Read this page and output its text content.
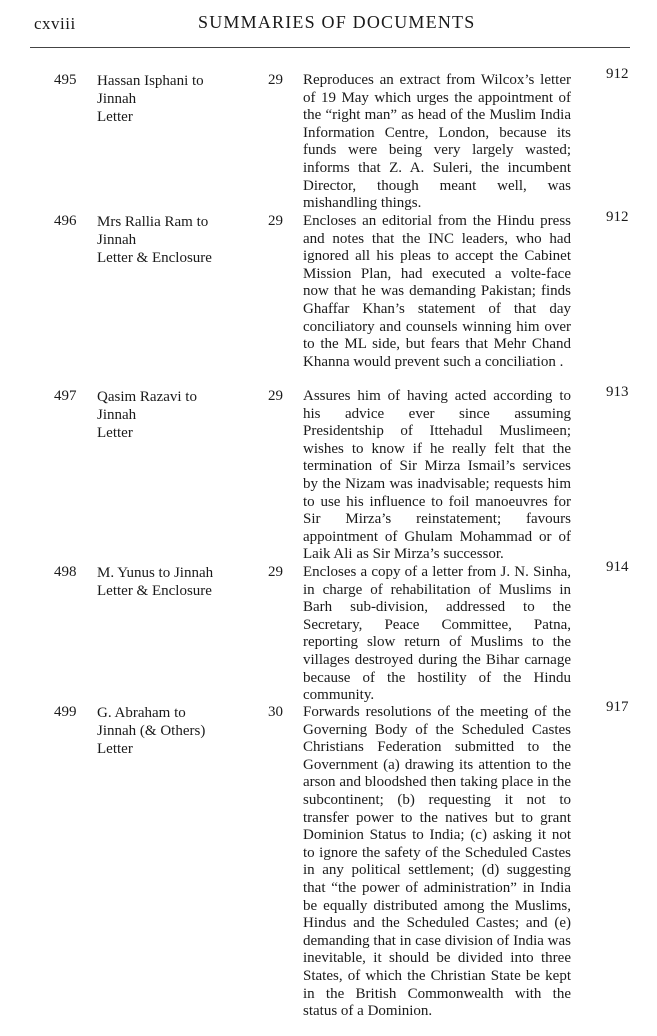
cxviii	SUMMARIES OF DOCUMENTS
495 Hassan Isphani to
Jinnah
Letter
29 Reproduces an extract from Wilcox’s letter of 19 May which urges the appointment of the “right man” as head of the Muslim India Information Centre, London, because its funds were being very largely wasted; informs that Z. A. Suleri, the incumbent Director, though meant well, was mishandling things.
912
496 Mrs Rallia Ram to
Jinnah
Letter & Enclosure
29 Encloses an editorial from the Hindu press and notes that the INC leaders, who had ignored all his pleas to accept the Cabinet Mission Plan, had executed a volte-face now that he was demanding Pakistan; finds Ghaffar Khan’s statement of that day conciliatory and counsels winning him over to the ML side, but fears that Mehr Chand Khanna would prevent such a conciliation .
912
497 Qasim Razavi to
Jinnah
Letter
29 Assures him of having acted according to his advice ever since assuming Presidentship of Ittehadul Muslimeen; wishes to know if he really felt that the termination of Sir Mirza Ismail’s services by the Nizam was inadvisable; requests him to use his influence to foil manoeuvres for Sir Mirza’s reinstatement; favours appointment of Ghulam Mohammad or of Laik Ali as Sir Mirza’s successor.
913
498 M. Yunus to Jinnah
Letter & Enclosure
29 Encloses a copy of a letter from J. N. Sinha, in charge of rehabilitation of Muslims in Barh sub-division, addressed to the Secretary, Peace Committee, Patna, reporting slow return of Muslims to the villages destroyed during the Bihar carnage because of the hostility of the Hindu community.
914
499 G. Abraham to
Jinnah (& Others)
Letter
30 Forwards resolutions of the meeting of the Governing Body of the Scheduled Castes Christians Federation submitted to the Government (a) drawing its attention to the arson and bloodshed then taking place in the subcontinent; (b) requesting it not to transfer power to the natives but to grant Dominion Status to India; (c) asking it not to ignore the safety of the Scheduled Castes in any political settlement; (d) suggesting that “the power of administration” in India be equally distributed among the Muslims, Hindus and the Scheduled Castes; and (e) demanding that in case division of India was inevitable, it should be divided into three States, of which the Christian State be kept in the British Commonwealth with the status of a Dominion.
917
